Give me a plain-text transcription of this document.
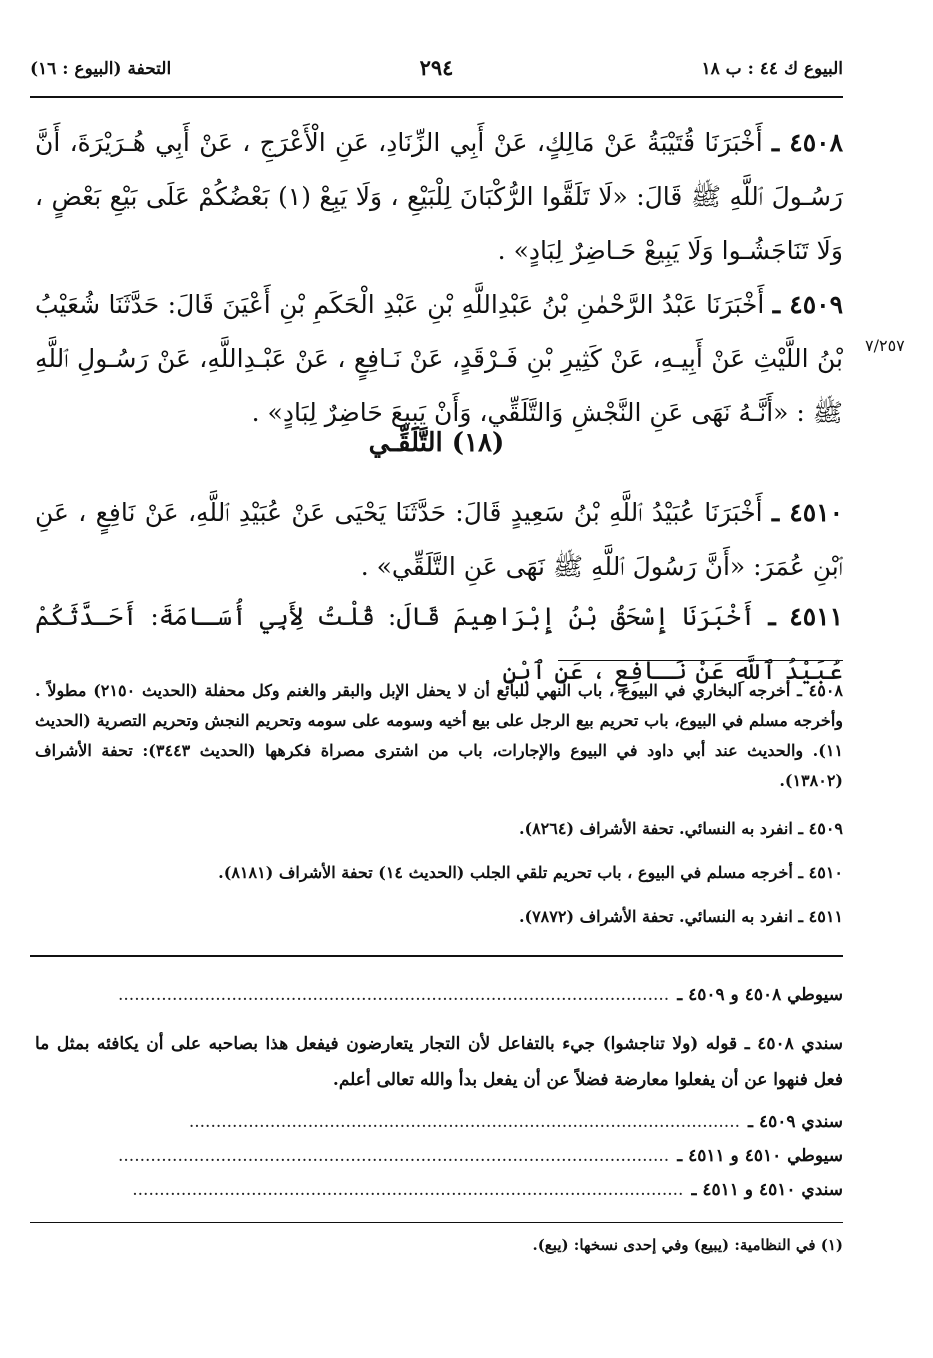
البيوع ك ٤٤ : ب ١٨
٢٩٤
التحفة (البيوع : ١٦)

٤٥٠٨ ـ أَخْبَرَنَا قُتَيْبَةُ عَنْ مَالِكٍ، عَنْ أَبِي الزِّنَادِ، عَنِ الْأَعْرَجِ ، عَنْ أَبِي هُـرَيْرَةَ، أَنَّ رَسُـولَ ٱللَّهِ ﷺ قَالَ: «لَا تَلَقَّوا الرُّكْبَانَ لِلْبَيْعِ ، وَلَا يَبِعْ (١) بَعْضُكُمْ عَلَى بَيْعِ بَعْضٍ ، وَلَا تَنَاجَشُـوا وَلَا يَبِيعْ حَـاضِرٌ لِبَادٍ» .

٤٥٠٩ ـ أَخْبَرَنَا عَبْدُ الرَّحْمٰنِ بْنُ عَبْدِاللَّهِ بْنِ عَبْدِ الْحَكَمِ بْنِ أَعْيَنَ قَالَ: حَدَّثَنَا شُعَيْبُ بْنُ اللَّيْثِ عَنْ أَبِيـهِ، عَنْ كَثِيرِ بْنِ فَـرْقَدٍ، عَنْ نَـافِعٍ ، عَنْ عَبْـدِاللَّهِ، عَنْ رَسُـولِ ٱللَّهِ ﷺ : «أَنَّـهُ نَهَى عَنِ النَّجْشِ وَالتَّلَقِّي، وَأَنْ يَبِيعَ حَاضِرٌ لِبَادٍ» .

٧/٢٥٧
(١٨) التَّلَقِّـي

٤٥١٠ ـ أَخْبَرَنَا عُبَيْدُ ٱللَّهِ بْنُ سَعِيدٍ قَالَ: حَدَّثَنَا يَحْيَى عَنْ عُبَيْدِ ٱللَّهِ، عَنْ نَافِعٍ ، عَنِ ٱبْنِ عُمَرَ: «أَنَّ رَسُولَ ٱللَّهِ ﷺ نَهَى عَنِ التَّلَقِّي» .

٤٥١١ ـ أَخْبَرَنَا إِسْحَقُ بْنُ إِبْرَاهِيمَ قَالَ: قُلْتُ لِأَبِي أُسَـامَةَ: أَحَـدَّثَكُمْ عُبَيْدُ ٱللَّهِ عَنْ نَـافِعٍ ، عَنِ ٱبْنِ

٤٥٠٨ ـ أخرجه البخاري في البيوع ، باب النهي للبائع أن لا يحفل الإبل والبقر والغنم وكل محفلة (الحديث ٢١٥٠) مطولاً . وأخرجه مسلم في البيوع، باب تحريم بيع الرجل على بيع أخيه وسومه على سومه وتحريم النجش وتحريم التصرية (الحديث ١١). والحديث عند أبي داود في البيوع والإجارات، باب من اشترى مصراة فكرهها (الحديث ٣٤٤٣): تحفة الأشراف (١٣٨٠٢).

٤٥٠٩ ـ انفرد به النسائي. تحفة الأشراف (٨٢٦٤).

٤٥١٠ ـ أخرجه مسلم في البيوع ، باب تحريم تلقي الجلب (الحديث ١٤) تحفة الأشراف (٨١٨١).

٤٥١١ ـ انفرد به النسائي. تحفة الأشراف (٧٨٧٢).

سيوطي ٤٥٠٨ و ٤٥٠٩ ـ......................................................................................................

سندي ٤٥٠٨ ـ قوله (ولا تناجشوا) جيء بالتفاعل لأن التجار يتعارضون فيفعل هذا بصاحبه على أن يكافئه بمثل ما فعل فنهوا عن أن يفعلوا معارضة فضلاً عن أن يفعل بدأ والله تعالى أعلم.

سندي ٤٥٠٩ ـ......................................................................................................
سيوطي ٤٥١٠ و ٤٥١١ ـ......................................................................................................
سندي ٤٥١٠ و ٤٥١١ ـ......................................................................................................
(١) في النظامية: (يبيع) وفي إحدى نسخها: (يبع).
